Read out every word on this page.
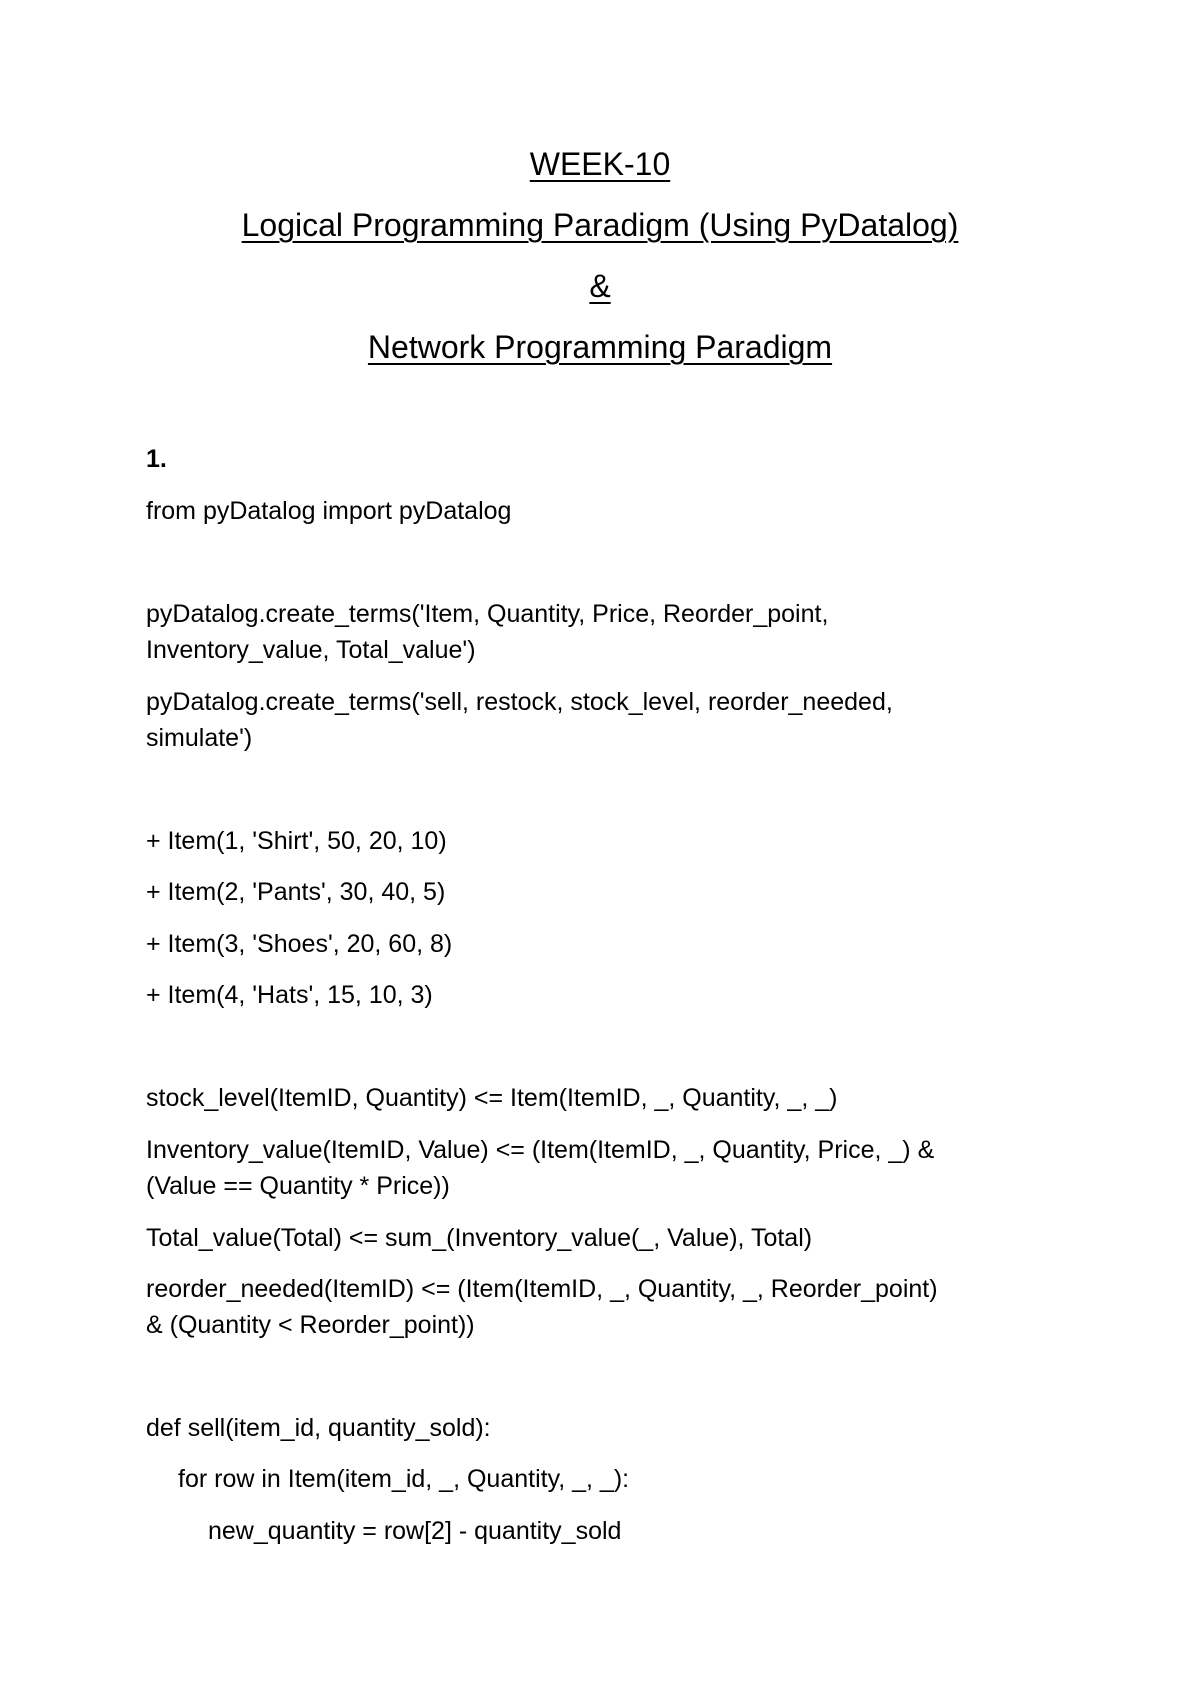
WEEK-10
Logical Programming Paradigm (Using PyDatalog)
&
Network Programming Paradigm
1.
from pyDatalog import pyDatalog
pyDatalog.create_terms('Item, Quantity, Price, Reorder_point,
Inventory_value, Total_value')
pyDatalog.create_terms('sell, restock, stock_level, reorder_needed,
simulate')
+ Item(1, 'Shirt', 50, 20, 10)
+ Item(2, 'Pants', 30, 40, 5)
+ Item(3, 'Shoes', 20, 60, 8)
+ Item(4, 'Hats', 15, 10, 3)
stock_level(ItemID, Quantity) <= Item(ItemID, _, Quantity, _, _)
Inventory_value(ItemID, Value) <= (Item(ItemID, _, Quantity, Price, _) &
(Value == Quantity * Price))
Total_value(Total) <= sum_(Inventory_value(_, Value), Total)
reorder_needed(ItemID) <= (Item(ItemID, _, Quantity, _, Reorder_point)
& (Quantity < Reorder_point))
def sell(item_id, quantity_sold):
for row in Item(item_id, _, Quantity, _, _):
new_quantity = row[2] - quantity_sold
